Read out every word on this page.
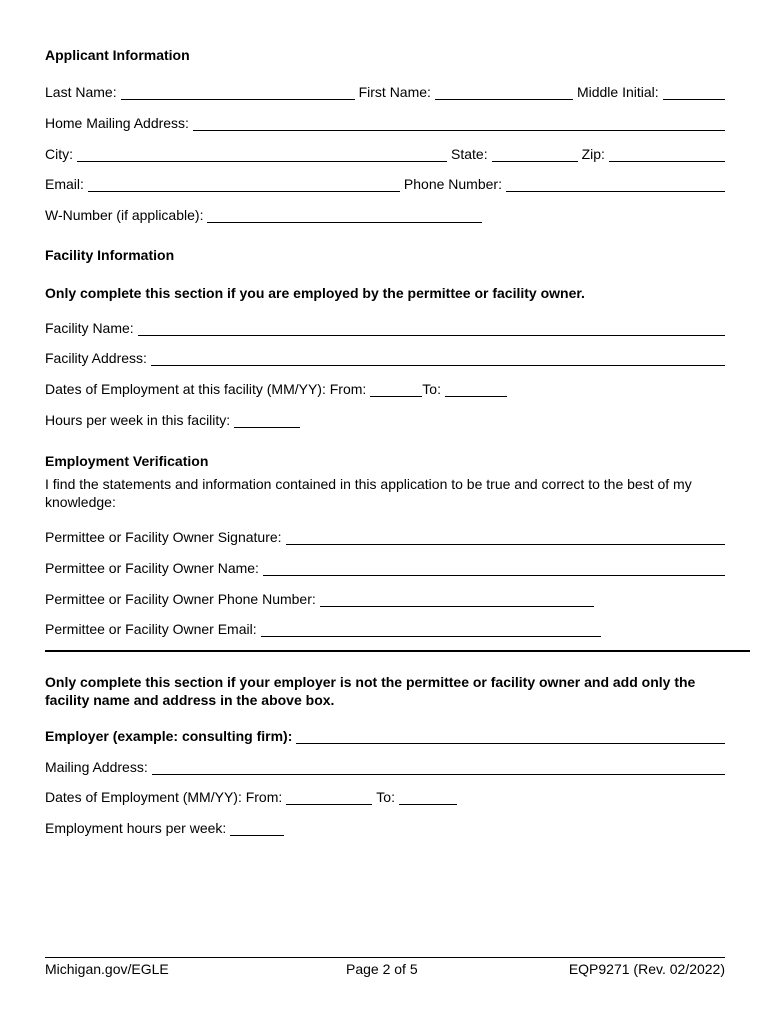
Applicant Information
Last Name:	First Name:	Middle Initial:
Home Mailing Address:
City:	State:	Zip:
Email:	Phone Number:
W-Number (if applicable):
Facility Information
Only complete this section if you are employed by the permittee or facility owner.
Facility Name:
Facility Address:
Dates of Employment at this facility (MM/YY): From:	To:
Hours per week in this facility:
Employment Verification
I find the statements and information contained in this application to be true and correct to the best of my knowledge:
Permittee or Facility Owner Signature:
Permittee or Facility Owner Name:
Permittee or Facility Owner Phone Number:
Permittee or Facility Owner Email:
Only complete this section if your employer is not the permittee or facility owner and add only the facility name and address in the above box.
Employer (example: consulting firm):
Mailing Address:
Dates of Employment (MM/YY): From:	To:
Employment hours per week:
Michigan.gov/EGLE	Page 2 of 5	EQP9271 (Rev. 02/2022)
